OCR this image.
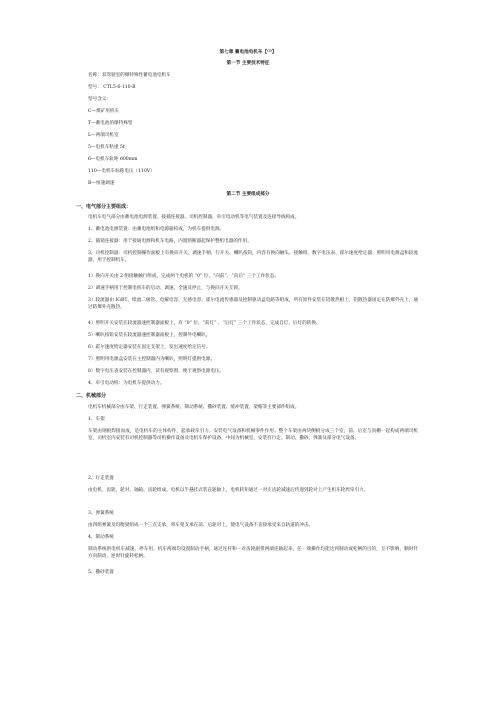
第七章 蓄电池电机车【⁽³⁾】
第一节 主要技术特征
名称：双驾驶室的爆特殊性蓄电池电机车
型号： CTL5-6-110-B
型号含义：
C—煤矿用机车
T—蓄电池的爆特殊型
L—两端司机室
5—电机车粘重 5t
6—电机车轨距 600mm
110—电机车标称电压（110V）
B—恒速调速
第二节 主要组成部分
一、电气部分主要组成：
电机车电气部分由蓄电池电源装置、接插连接器、司机控制器、牵引电动机等电气装置及连接导线构成。
1、蓄电池电源装置：由蓄电池组和电源箱构成，为机车提供电源。
2、插销连接器：用于接通电源和机车电路，内置熔断器起保护整机电器的作用。
3、司机控制器：司机控制操作面板上有换向开关、调速手柄、行开关、喇叭按钮，内容有换向触头、接触组、数字电压表、霍尔速度给定器、照明用电源盒和较流器，用于控制机车。
1）换向开关由 2 组接触触行组成，完成两个电机的 “0” 位、“向前”、“向后” 三个工作状态。
2）调速手柄用于控制电机车的启动、调速、全速及停止，与换向开关互锁。
3）较流器由 IGBT、续流二极管、电解电容、无感电容、霍尔电流传感器及控制驱动盒电路等组成，所有原件安装在铝散热板上，铝散热器固定在防爆外壳上，通过防爆外壳散热。
4）照明开关安装在较流器速控制器面板上，有 “0” 位、“前灯” 、“后灯” 三个工作状态，完成自灯、后灯的转换。
5）喇叭按钮安装在较流器速控制器面板上，控制外电喇叭。
6）霍尔速度给定器安装在固定支架上，发出速度给定信号。
7）照明用电源盒安装在主控制器内为喇叭，照明灯提供电源。
8）数字电压表安装在控制器内，读有观察窗，便于观察电源电压。
4、牵引电动机：为电机车提供动力。
二、机械部分
电机车机械部分由车架、行走装置、弹簧系统、制动系统、撒砂装置、缓冲装置、架帽等主要部件组成。
1、车架
车架由钢板焊接而成，是电机车的主体构件，起承载牵引力。安装电气设备和机械零件作用。整个车架由两块侧板分成三个室，前、后室与顶棚一起构成两端司机室，司机室内安装有司机控制器等司机操作设备及电机车保护设备，中间为机械室，安装有行走、制动、撒砂、弹簧及部分电气设备。
2、行走装置
由电机、齿轮、轮对、轴箱、齿轮组成。电机以半悬挂式装在轮轴上，电机转矩通过一对正齿轮减速后传递到轮对上产生机车轮周牵引力。
3、弹簧系统
由四组弹簧及均衡梁组成一个三点支承，将车架支承在前、后轮对上，使电气设备不直接承受来自轨道的冲击。
4、制动系统
制动系统供电机车减速、停车用。机车两端均设置制动手柄，通过连杆和一对齿轮副带两端连轴起来，任一端操作均能达到制动或松闸的目的，互不影响，顺时针方向制动，逆时针旋转松闸。
5、撒砂装置
